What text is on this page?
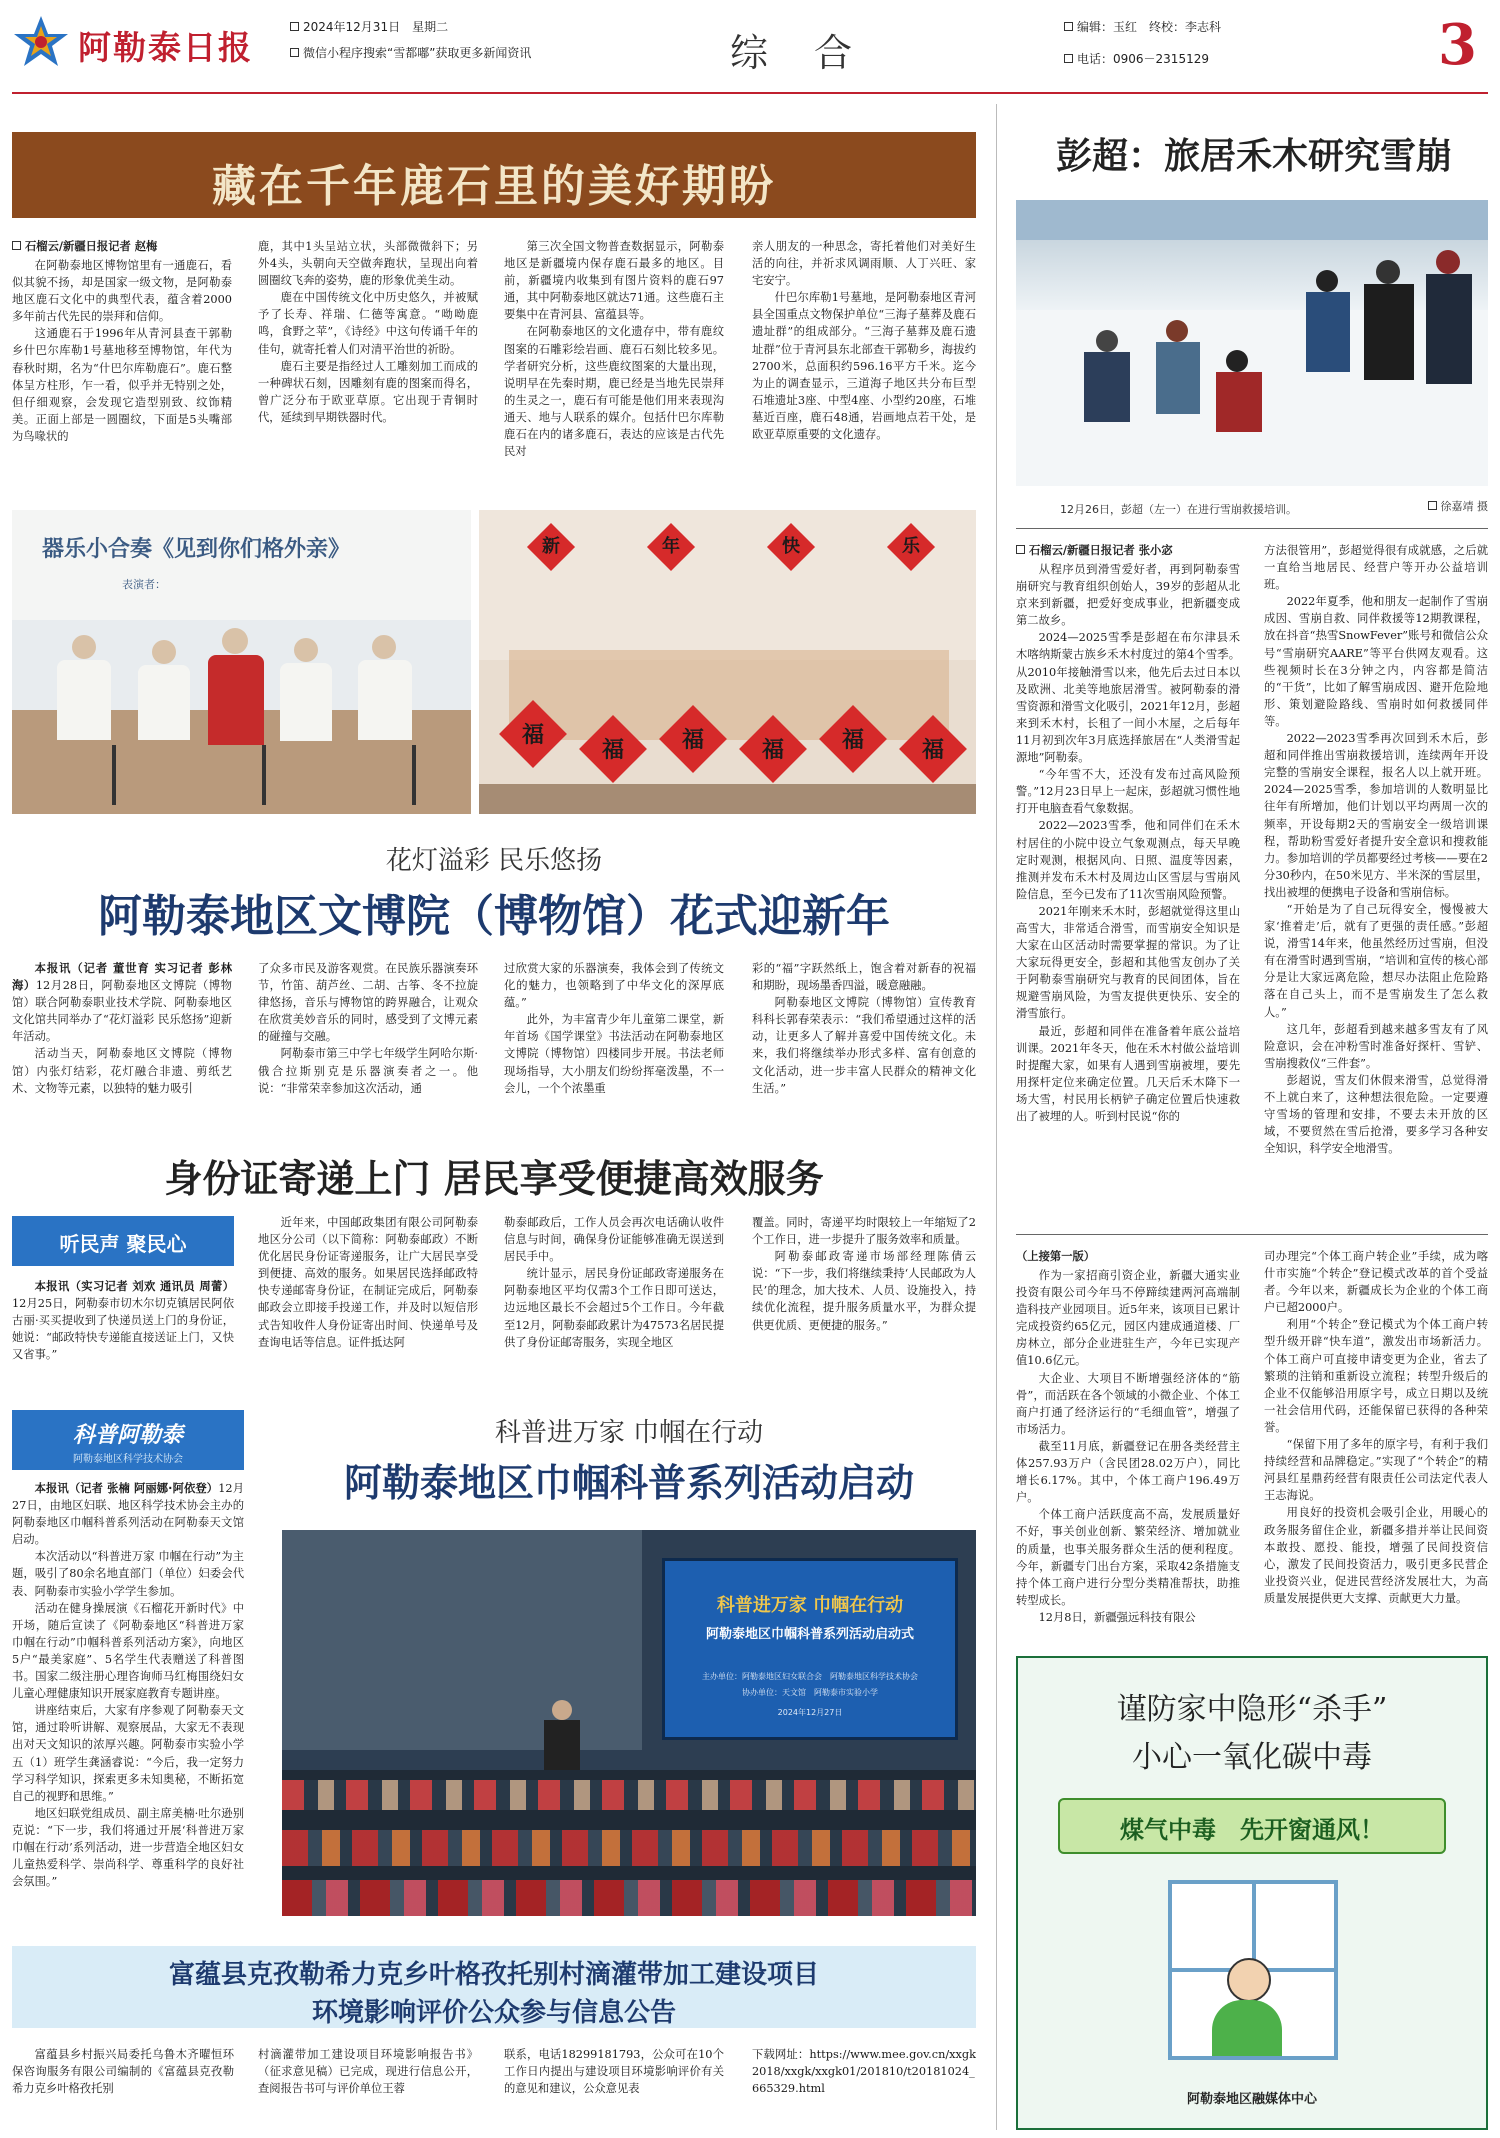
阿勒泰日报
2024年12月31日　星期二
微信小程序搜索“雪都嘟”获取更多新闻资讯	综　合
编辑：玉红　终校：李志科
电话：0906－2315129	3
藏在千年鹿石里的美好期盼

石榴云/新疆日报记者 赵梅

在阿勒泰地区博物馆里有一通鹿石，看似其貌不扬，却是国家一级文物，是阿勒泰地区鹿石文化中的典型代表，蕴含着2000多年前古代先民的崇拜和信仰。

这通鹿石于1996年从青河县查干郭勒乡什巴尔库勒1号墓地移至博物馆，年代为春秋时期，名为“什巴尔库勒鹿石”。鹿石整体呈方柱形，乍一看，似乎并无特别之处，但仔细观察，会发现它造型别致、纹饰精美。正面上部是一圆圈纹，下面是5头嘴部为鸟喙状的

鹿，其中1头呈站立状，头部微微斜下；另外4头，头朝向天空做奔跑状，呈现出向着圆圈纹飞奔的姿势，鹿的形象优美生动。

鹿在中国传统文化中历史悠久，并被赋予了长寿、祥瑞、仁德等寓意。“呦呦鹿鸣，食野之苹”，《诗经》中这句传诵千年的佳句，就寄托着人们对清平治世的祈盼。

鹿石主要是指经过人工雕刻加工而成的一种碑状石刻，因雕刻有鹿的图案而得名，曾广泛分布于欧亚草原。它出现于青铜时代，延续到早期铁器时代。

第三次全国文物普查数据显示，阿勒泰地区是新疆境内保存鹿石最多的地区。目前，新疆境内收集到有图片资料的鹿石97通，其中阿勒泰地区就达71通。这些鹿石主要集中在青河县、富蕴县等。

在阿勒泰地区的文化遗存中，带有鹿纹图案的石雕彩绘岩画、鹿石石刻比较多见。学者研究分析，这些鹿纹图案的大量出现，说明早在先秦时期，鹿已经是当地先民崇拜的生灵之一，鹿石有可能是他们用来表现沟通天、地与人联系的媒介。包括什巴尔库勒鹿石在内的诸多鹿石，表达的应该是古代先民对

亲人朋友的一种思念，寄托着他们对美好生活的向往，并祈求风调雨顺、人丁兴旺、家宅安宁。

什巴尔库勒1号墓地，是阿勒泰地区青河县全国重点文物保护单位“三海子墓葬及鹿石遗址群”的组成部分。“三海子墓葬及鹿石遗址群”位于青河县东北部查干郭勒乡，海拔约2700米，总面积约596.16平方千米。迄今为止的调查显示，三道海子地区共分布巨型石堆遗址3座、中型4座、小型约20座，石堆墓近百座，鹿石48通，岩画地点若干处，是欧亚草原重要的文化遗存。

器乐小合奏《见到你们格外亲》
表演者：
新	年	快	乐
福
福	福	福	福	福
花灯溢彩 民乐悠扬
阿勒泰地区文博院（博物馆）花式迎新年

本报讯（记者 董世育 实习记者 彭林海）12月28日，阿勒泰地区文博院（博物馆）联合阿勒泰职业技术学院、阿勒泰地区文化馆共同举办了“花灯溢彩 民乐悠扬”迎新年活动。

活动当天，阿勒泰地区文博院（博物馆）内张灯结彩，花灯融合非遗、剪纸艺术、文物等元素，以独特的魅力吸引

了众多市民及游客观赏。在民族乐器演奏环节，竹笛、葫芦丝、二胡、古筝、冬不拉旋律悠扬，音乐与博物馆的跨界融合，让观众在欣赏美妙音乐的同时，感受到了文博元素的碰撞与交融。

阿勒泰市第三中学七年级学生阿哈尔斯·俄合拉斯别克是乐器演奏者之一。他说：“非常荣幸参加这次活动，通

过欣赏大家的乐器演奏，我体会到了传统文化的魅力，也领略到了中华文化的深厚底蕴。”

此外，为丰富青少年儿童第二课堂，新年首场《国学课堂》书法活动在阿勒泰地区文博院（博物馆）四楼同步开展。书法老师现场指导，大小朋友们纷纷挥毫泼墨，不一会儿，一个个浓墨重

彩的“福”字跃然纸上，饱含着对新春的祝福和期盼，现场墨香四溢，暖意融融。

阿勒泰地区文博院（博物馆）宣传教育科科长郭春荣表示：“我们希望通过这样的活动，让更多人了解并喜爱中国传统文化。未来，我们将继续举办形式多样、富有创意的文化活动，进一步丰富人民群众的精神文化生活。”

身份证寄递上门 居民享受便捷高效服务
听民声 聚民心

本报讯（实习记者 刘欢 通讯员 周蕾）12月25日，阿勒泰市切木尔切克镇居民阿依古丽·买买提收到了快递员送上门的身份证，她说：“邮政特快专递能直接送证上门，又快又省事。”

近年来，中国邮政集团有限公司阿勒泰地区分公司（以下简称：阿勒泰邮政）不断优化居民身份证寄递服务，让广大居民享受到便捷、高效的服务。如果居民选择邮政特快专递邮寄身份证，在制证完成后，阿勒泰邮政会立即接手投递工作，并及时以短信形式告知收件人身份证寄出时间、快递单号及查询电话等信息。证件抵达阿

勒泰邮政后，工作人员会再次电话确认收件信息与时间，确保身份证能够准确无误送到居民手中。

统计显示，居民身份证邮政寄递服务在阿勒泰地区平均仅需3个工作日即可送达，边远地区最长不会超过5个工作日。今年截至12月，阿勒泰邮政累计为47573名居民提供了身份证邮寄服务，实现全地区

覆盖。同时，寄递平均时限较上一年缩短了2个工作日，进一步提升了服务效率和质量。

阿勒泰邮政寄递市场部经理陈倩云说：“下一步，我们将继续秉持‘人民邮政为人民’的理念，加大技术、人员、设施投入，持续优化流程，提升服务质量水平，为群众提供更优质、更便捷的服务。”

科普阿勒泰
阿勒泰地区科学技术协会
科普进万家 巾帼在行动
阿勒泰地区巾帼科普系列活动启动

本报讯（记者 张楠 阿丽娜·阿依登）12月27日，由地区妇联、地区科学技术协会主办的阿勒泰地区巾帼科普系列活动在阿勒泰天文馆启动。

本次活动以“科普进万家 巾帼在行动”为主题，吸引了80余名地直部门（单位）妇委会代表、阿勒泰市实验小学学生参加。

活动在健身操展演《石榴花开新时代》中开场，随后宣读了《阿勒泰地区“科普进万家 巾帼在行动”巾帼科普系列活动方案》，向地区5户“最美家庭”、5名学生代表赠送了科普图书。国家二级注册心理咨询师马红梅围绕妇女儿童心理健康知识开展家庭教育专题讲座。

讲座结束后，大家有序参观了阿勒泰天文馆，通过聆听讲解、观察展品，大家无不表现出对天文知识的浓厚兴趣。阿勒泰市实验小学五（1）班学生龚涵睿说：“今后，我一定努力学习科学知识，探索更多未知奥秘，不断拓宽自己的视野和思维。”

地区妇联党组成员、副主席美楠·吐尔逊别克说：“下一步，我们将通过开展‘科普进万家 巾帼在行动’系列活动，进一步营造全地区妇女儿童热爱科学、崇尚科学、尊重科学的良好社会氛围。”

科普进万家 巾帼在行动
阿勒泰地区巾帼科普系列活动启动式
主办单位：阿勒泰地区妇女联合会　阿勒泰地区科学技术协会
协办单位：天文馆　阿勒泰市实验小学
2024年12月27日
彭超：旅居禾木研究雪崩
12月26日，彭超（左一）在进行雪崩救援培训。	徐嘉靖 摄

石榴云/新疆日报记者 张小宓

从程序员到滑雪爱好者，再到阿勒泰雪崩研究与教育组织创始人，39岁的彭超从北京来到新疆，把爱好变成事业，把新疆变成第二故乡。

2024—2025雪季是彭超在布尔津县禾木喀纳斯蒙古族乡禾木村度过的第4个雪季。从2010年接触滑雪以来，他先后去过日本以及欧洲、北美等地旅居滑雪。被阿勒泰的滑雪资源和滑雪文化吸引，2021年12月，彭超来到禾木村，长租了一间小木屋，之后每年11月初到次年3月底选择旅居在“人类滑雪起源地”阿勒泰。

“今年雪不大，还没有发布过高风险预警。”12月23日早上一起床，彭超就习惯性地打开电脑查看气象数据。

2022—2023雪季，他和同伴们在禾木村居住的小院中设立气象观测点，每天早晚定时观测，根据风向、日照、温度等因素，推测并发布禾木村及周边山区雪层与雪崩风险信息，至今已发布了11次雪崩风险预警。

2021年刚来禾木时，彭超就觉得这里山高雪大，非常适合滑雪，而雪崩安全知识是大家在山区活动时需要掌握的常识。为了让大家玩得更安全，彭超和其他雪友创办了关于阿勒泰雪崩研究与教育的民间团体，旨在规避雪崩风险，为雪友提供更快乐、安全的滑雪旅行。

最近，彭超和同伴在准备着年底公益培训课。2021年冬天，他在禾木村做公益培训时提醒大家，如果有人遇到雪崩被埋，要先用探杆定位来确定位置。几天后禾木降下一场大雪，村民用长柄铲子确定位置后快速救出了被埋的人。听到村民说“你的

方法很管用”，彭超觉得很有成就感，之后就一直给当地居民、经营户等开办公益培训班。

2022年夏季，他和朋友一起制作了雪崩成因、雪崩自救、同伴救援等12期教课程，放在抖音“热雪SnowFever”账号和微信公众号“雪崩研究AARE”等平台供网友观看。这些视频时长在3分钟之内，内容都是简洁的“干货”，比如了解雪崩成因、避开危险地形、策划避险路线、雪崩时如何救援同伴等。

2022—2023雪季再次回到禾木后，彭超和同伴推出雪崩救援培训，连续两年开设完整的雪崩安全课程，报名人以上就开班。2024—2025雪季，参加培训的人数明显比往年有所增加，他们计划以平均两周一次的频率，开设每期2天的雪崩安全一级培训课程，帮助粉雪爱好者提升安全意识和搜救能力。参加培训的学员都要经过考核——要在2分30秒内，在50米见方、半米深的雪层里，找出被埋的便携电子设备和雪崩信标。

“开始是为了自己玩得安全，慢慢被大家‘推着走’后，就有了更强的责任感。”彭超说，滑雪14年来，他虽然经历过雪崩，但没有在滑雪时遇到雪崩，“培训和宣传的核心部分是让大家远离危险，想尽办法阻止危险路落在自己头上，而不是雪崩发生了怎么救人。”

这几年，彭超看到越来越多雪友有了风险意识，会在冲粉雪时准备好探杆、雪铲、雪崩搜救仪“三件套”。

彭超说，雪友们休假来滑雪，总觉得滑不上就白来了，这种想法很危险。一定要遵守雪场的管理和安排，不要去未开放的区域，不要贸然在雪后抢滑，要多学习各种安全知识，科学安全地滑雪。

（上接第一版）

作为一家招商引资企业，新疆大通实业投资有限公司今年马不停蹄续建两河高端制造科技产业园项目。近5年来，该项目已累计完成投资约65亿元，园区内建成通道楼、厂房林立，部分企业进驻生产，今年已实现产值10.6亿元。

大企业、大项目不断增强经济体的“筋骨”，而活跃在各个领域的小微企业、个体工商户打通了经济运行的“毛细血管”，增强了市场活力。

截至11月底，新疆登记在册各类经营主体257.93万户（含民团28.02万户），同比增长6.17%。其中，个体工商户196.49万户。

个体工商户活跃度高不高，发展质量好不好，事关创业创新、繁荣经济、增加就业的质量，也事关服务群众生活的便利程度。今年，新疆专门出台方案，采取42条措施支持个体工商户进行分型分类精准帮扶，助推转型成长。

12月8日，新疆强远科技有限公

司办理完“个体工商户转企业”手续，成为喀什市实施“个转企”登记模式改革的首个受益者。今年以来，新疆成长为企业的个体工商户已超2000户。

利用“个转企”登记模式为个体工商户转型升级开辟“快车道”，激发出市场新活力。个体工商户可直接申请变更为企业，省去了繁琐的注销和重新设立流程；转型升级后的企业不仅能够沿用原字号，成立日期以及统一社会信用代码，还能保留已获得的各种荣誉。

“保留下用了多年的原字号，有利于我们持续经营和品牌稳定。”实现了“个转企”的精河县红星鼎药经营有限责任公司法定代表人王志海说。

用良好的投资机会吸引企业，用暖心的政务服务留住企业，新疆多措并举让民间资本敢投、愿投、能投，增强了民间投资信心，激发了民间投资活力，吸引更多民营企业投资兴业，促进民营经济发展壮大，为高质量发展提供更大支撑、贡献更大力量。

谨防家中隐形“杀手”
小心一氧化碳中毒
煤气中毒　先开窗通风！
阿勒泰地区融媒体中心
富蕴县克孜勒希力克乡叶格孜托别村滴灌带加工建设项目
环境影响评价公众参与信息公告

富蕴县乡村振兴局委托乌鲁木齐曜恒环保咨询服务有限公司编制的《富蕴县克孜勒希力克乡叶格孜托别

村滴灌带加工建设项目环境影响报告书》（征求意见稿）已完成，现进行信息公开，查阅报告书可与评价单位王蓉

联系，电话18299181793，公众可在10个工作日内提出与建设项目环境影响评价有关的意见和建议，公众意见表

下载网址：https://www.mee.gov.cn/xxgk2018/xxgk/xxgk01/201810/t20181024_665329.html
